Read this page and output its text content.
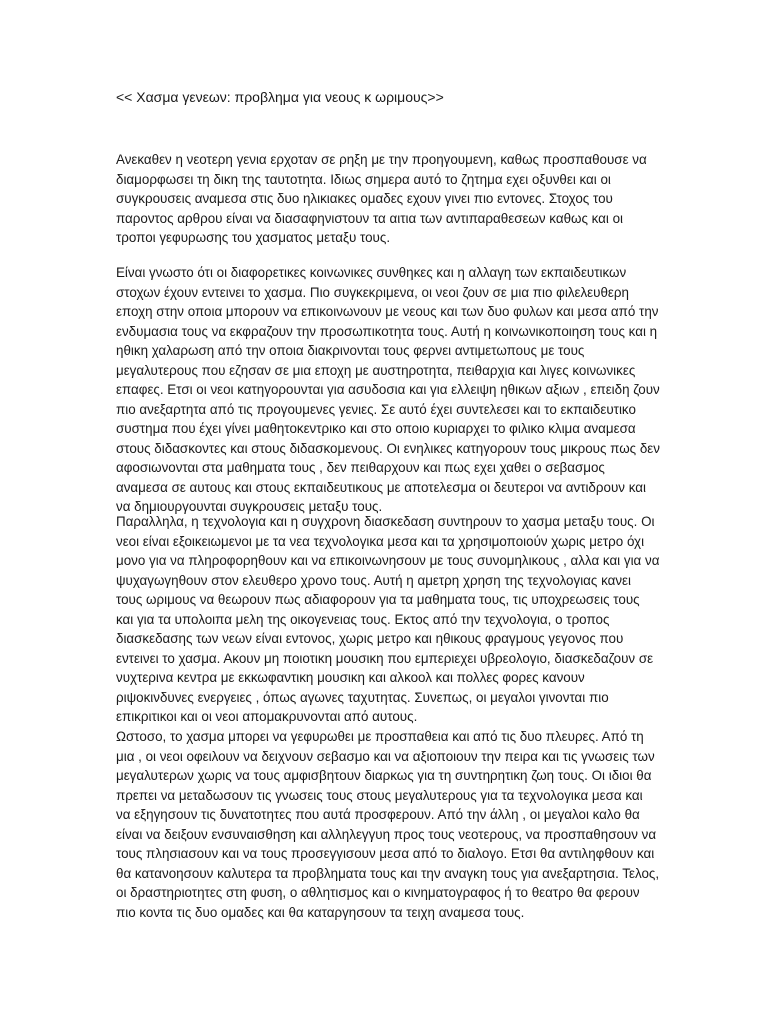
<< Χασμα γενεων: προβλημα για νεους κ ωριμους>>

Ανεκαθεν η νεοτερη γενια ερχοταν σε ρηξη με την προηγουμενη, καθως προσπαθουσε να διαμορφωσει τη δικη της ταυτοτητα. Ιδιως σημερα αυτό το ζητημα εχει οξυνθει και οι συγκρουσεις αναμεσα στις δυο ηλικιακες ομαδες εχουν γινει πιο εντονες. Στοχος του παροντος αρθρου είναι να διασαφηνιστουν τα αιτια των αντιπαραθεσεων καθως και οι τροποι γεφυρωσης του χασματος μεταξυ τους.

Είναι γνωστο ότι οι διαφορετικες κοινωνικες συνθηκες και η αλλαγη των εκπαιδευτικων στοχων έχουν εντεινει το χασμα. Πιο συγκεκριμενα, οι νεοι ζουν σε μια πιο φιλελευθερη εποχη στην οποια μπορουν να επικοινωνουν με νεους και των δυο φυλων και μεσα από την ενδυμασια τους να εκφραζουν την προσωπικοτητα τους. Αυτή η κοινωνικοποιηση τους και η ηθικη χαλαρωση από την οποια διακρινονται τους φερνει αντιμετωπους με τους μεγαλυτερους που εζησαν σε μια εποχη με αυστηροτητα, πειθαρχια και λιγες κοινωνικες επαφες. Ετσι οι νεοι κατηγορουνται για ασυδοσια και για ελλειψη ηθικων αξιων , επειδη ζουν πιο ανεξαρτητα από τις προγουμενες γενιες. Σε αυτό έχει συντελεσει και το εκπαιδευτικο συστημα που έχει γίνει μαθητοκεντρικο και στο οποιο κυριαρχει το φιλικο κλιμα αναμεσα στους διδασκοντες και στους διδασκομενους. Οι ενηλικες κατηγορουν τους μικρους πως δεν αφοσιωνονται στα μαθηματα τους , δεν πειθαρχουν και πως εχει χαθει ο σεβασμος αναμεσα σε αυτους και στους εκπαιδευτικους με αποτελεσμα οι δευτεροι να αντιδρουν και να δημιουργουνται συγκρουσεις μεταξυ τους.

Παραλληλα, η τεχνολογια και η συγχρονη διασκεδαση συντηρουν το χασμα μεταξυ τους. Οι νεοι είναι εξοικειωμενοι με τα νεα τεχνολογικα μεσα και τα χρησιμοποιούν χωρις μετρο όχι μονο για να πληροφορηθουν και να επικοινωνησουν με τους συνομηλικους , αλλα και για να ψυχαγωγηθουν στον ελευθερο χρονο τους. Αυτή η αμετρη χρηση της τεχνολογιας κανει τους ωριμους να θεωρουν πως αδιαφορουν για τα μαθηματα τους, τις υποχρεωσεις τους και για τα υπολοιπα μελη της οικογενειας τους. Εκτος από την τεχνολογια, ο τροπος διασκεδασης των νεων είναι εντονος, χωρις μετρο και ηθικους φραγμους γεγονος που εντεινει το χασμα. Ακουν μη ποιοτικη μουσικη που εμπεριεχει υβρεολογιο, διασκεδαζουν σε νυχτερινα κεντρα με εκκωφαντικη μουσικη και αλκοολ και πολλες φορες κανουν ριψοκινδυνες ενεργειες , όπως αγωνες ταχυτητας. Συνεπως, οι μεγαλοι γινονται πιο επικριτικοι και οι νεοι απομακρυνονται από αυτους.

Ωστοσο, το χασμα μπορει να γεφυρωθει με προσπαθεια και από τις δυο πλευρες. Από τη μια , οι νεοι οφειλουν να δειχνουν σεβασμο και να αξιοποιουν την πειρα και τις γνωσεις των μεγαλυτερων χωρις να τους αμφισβητουν διαρκως για τη συντηρητικη ζωη τους. Οι ιδιοι θα πρεπει να μεταδωσουν τις γνωσεις τους στους μεγαλυτερους για τα τεχνολογικα μεσα και να εξηγησουν τις δυνατοτητες που αυτά προσφερουν. Από την άλλη , οι μεγαλοι καλο θα είναι να δειξουν ενσυναισθηση και αλληλεγγυη προς τους νεοτερους, να προσπαθησουν να τους πλησιασουν και να τους προσεγγισουν μεσα από το διαλογο. Ετσι θα αντιληφθουν και θα κατανοησουν καλυτερα τα προβληματα τους και την αναγκη τους για ανεξαρτησια. Τελος, οι δραστηριοτητες στη φυση, ο αθλητισμος και ο κινηματογραφος ή το θεατρο θα φερουν πιο κοντα τις δυο ομαδες και θα καταργησουν τα τειχη αναμεσα τους.
